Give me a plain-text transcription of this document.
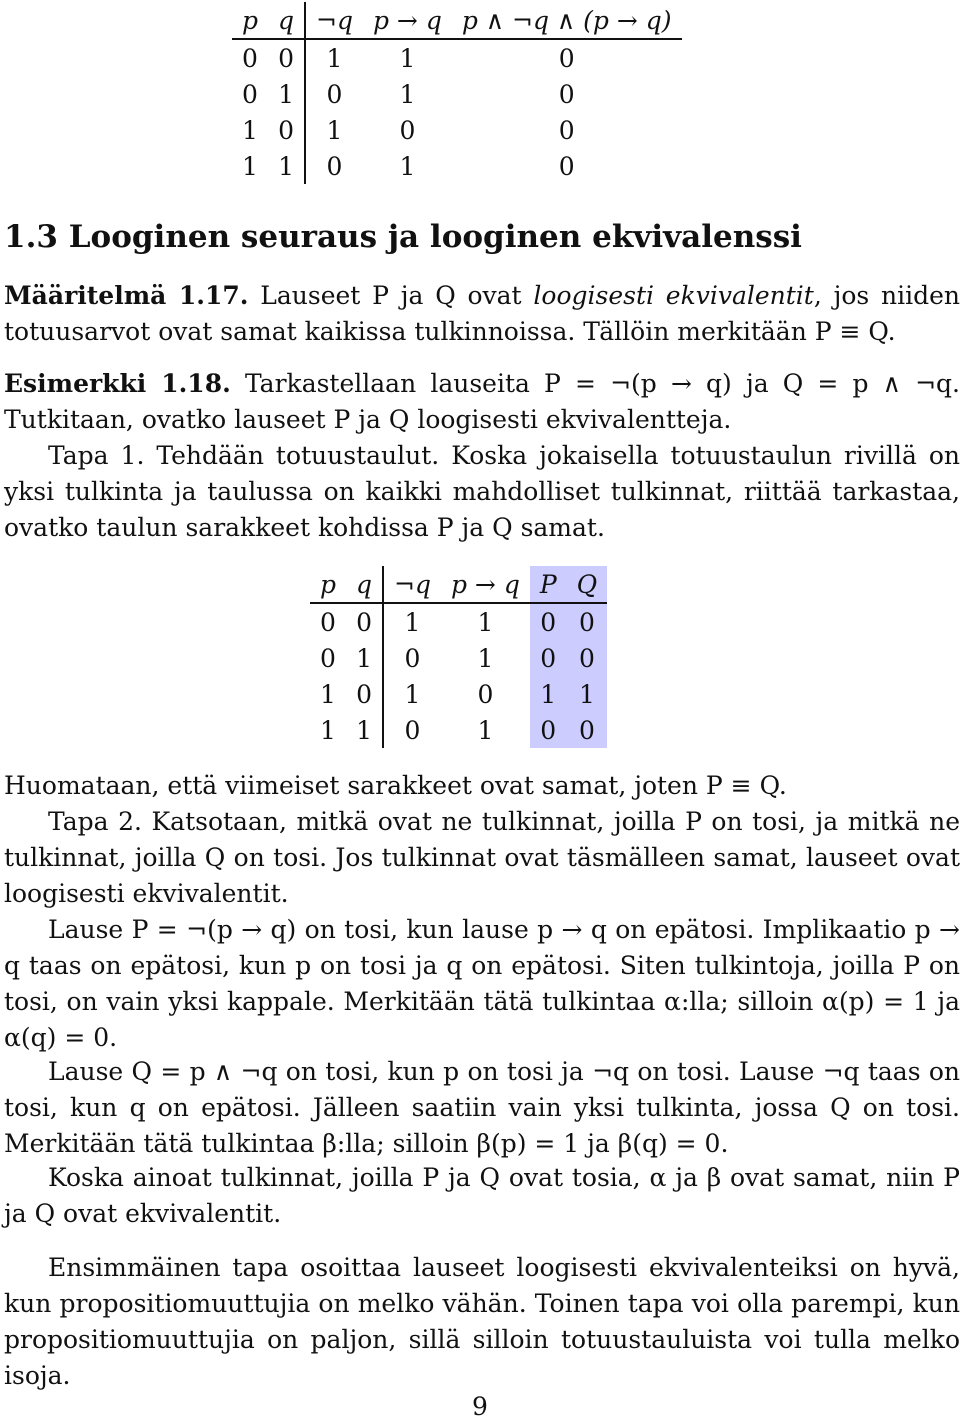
p	q	¬q	p → q	p ∧ ¬q ∧ (p → q)
0	0	1	1	0
0	1	0	1	0
1	0	1	0	0
1	1	0	1	0
1.3 Looginen seuraus ja looginen ekvivalenssi

Määritelmä 1.17. Lauseet P ja Q ovat loogisesti ekvivalentit, jos niiden totuusarvot ovat samat kaikissa tulkinnoissa. Tällöin merkitään P ≡ Q.

Esimerkki 1.18. Tarkastellaan lauseita P = ¬(p → q) ja Q = p ∧ ¬q. Tutkitaan, ovatko lauseet P ja Q loogisesti ekvivalentteja.

Tapa 1. Tehdään totuustaulut. Koska jokaisella totuustaulun rivillä on yksi tulkinta ja taulussa on kaikki mahdolliset tulkinnat, riittää tarkastaa, ovatko taulun sarakkeet kohdissa P ja Q samat.

p	q	¬q	p → q	P	Q
0	0	1	1	0	0
0	1	0	1	0	0
1	0	1	0	1	1
1	1	0	1	0	0

Huomataan, että viimeiset sarakkeet ovat samat, joten P ≡ Q.

Tapa 2. Katsotaan, mitkä ovat ne tulkinnat, joilla P on tosi, ja mitkä ne tulkinnat, joilla Q on tosi. Jos tulkinnat ovat täsmälleen samat, lauseet ovat loogisesti ekvivalentit.

Lause P = ¬(p → q) on tosi, kun lause p → q on epätosi. Implikaatio p → q taas on epätosi, kun p on tosi ja q on epätosi. Siten tulkintoja, joilla P on tosi, on vain yksi kappale. Merkitään tätä tulkintaa α:lla; silloin α(p) = 1 ja α(q) = 0.

Lause Q = p ∧ ¬q on tosi, kun p on tosi ja ¬q on tosi. Lause ¬q taas on tosi, kun q on epätosi. Jälleen saatiin vain yksi tulkinta, jossa Q on tosi. Merkitään tätä tulkintaa β:lla; silloin β(p) = 1 ja β(q) = 0.

Koska ainoat tulkinnat, joilla P ja Q ovat tosia, α ja β ovat samat, niin P ja Q ovat ekvivalentit.

Ensimmäinen tapa osoittaa lauseet loogisesti ekvivalenteiksi on hyvä, kun propositiomuuttujia on melko vähän. Toinen tapa voi olla parempi, kun propositiomuuttujia on paljon, sillä silloin totuustauluista voi tulla melko isoja.

9
